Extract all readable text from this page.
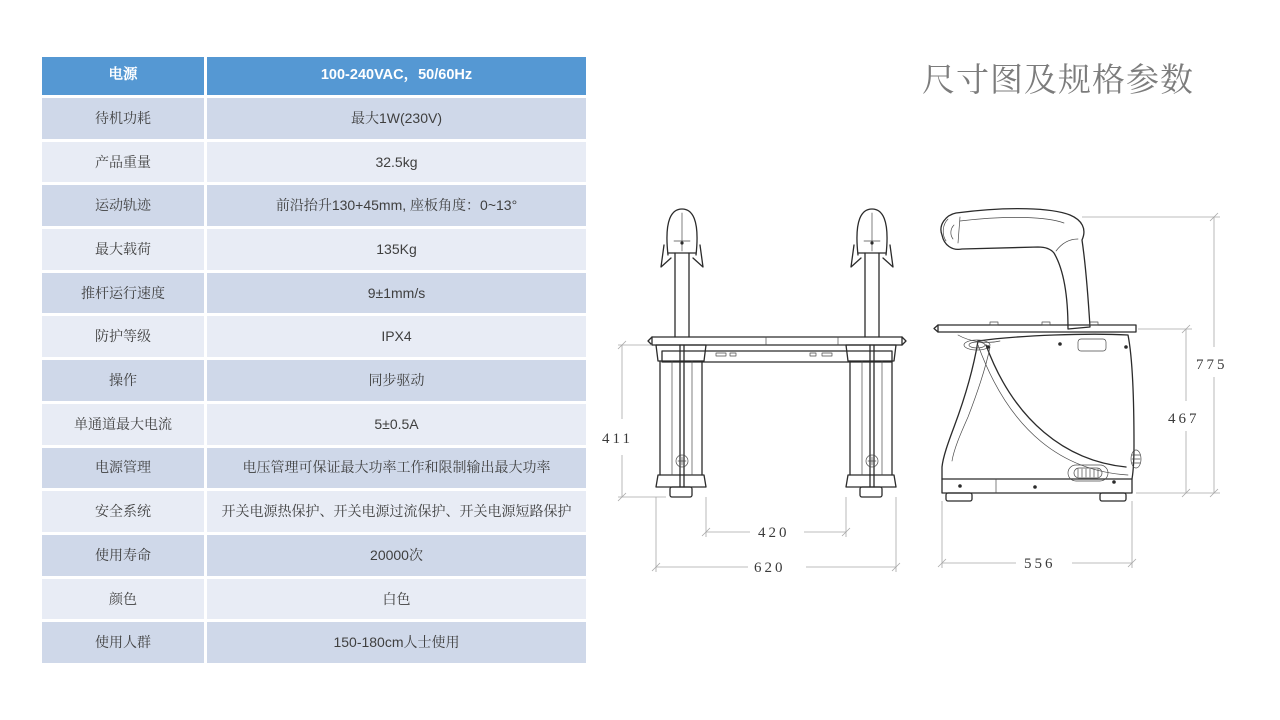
电源	100-240VAC，50/60Hz
待机功耗	最大1W(230V)
产品重量	32.5kg
运动轨迹	前沿抬升130+45mm, 座板角度：0~13°
最大载荷	135Kg
推杆运行速度	9±1mm/s
防护等级	IPX4
操作	同步驱动
单通道最大电流	5±0.5A
电源管理	电压管理可保证最大功率工作和限制输出最大功率
安全系统	开关电源热保护、开关电源过流保护、开关电源短路保护
使用寿命	20000次
颜色	白色
使用人群	150-180cm人士使用
尺寸图及规格参数
411
420
620
775
467
556
